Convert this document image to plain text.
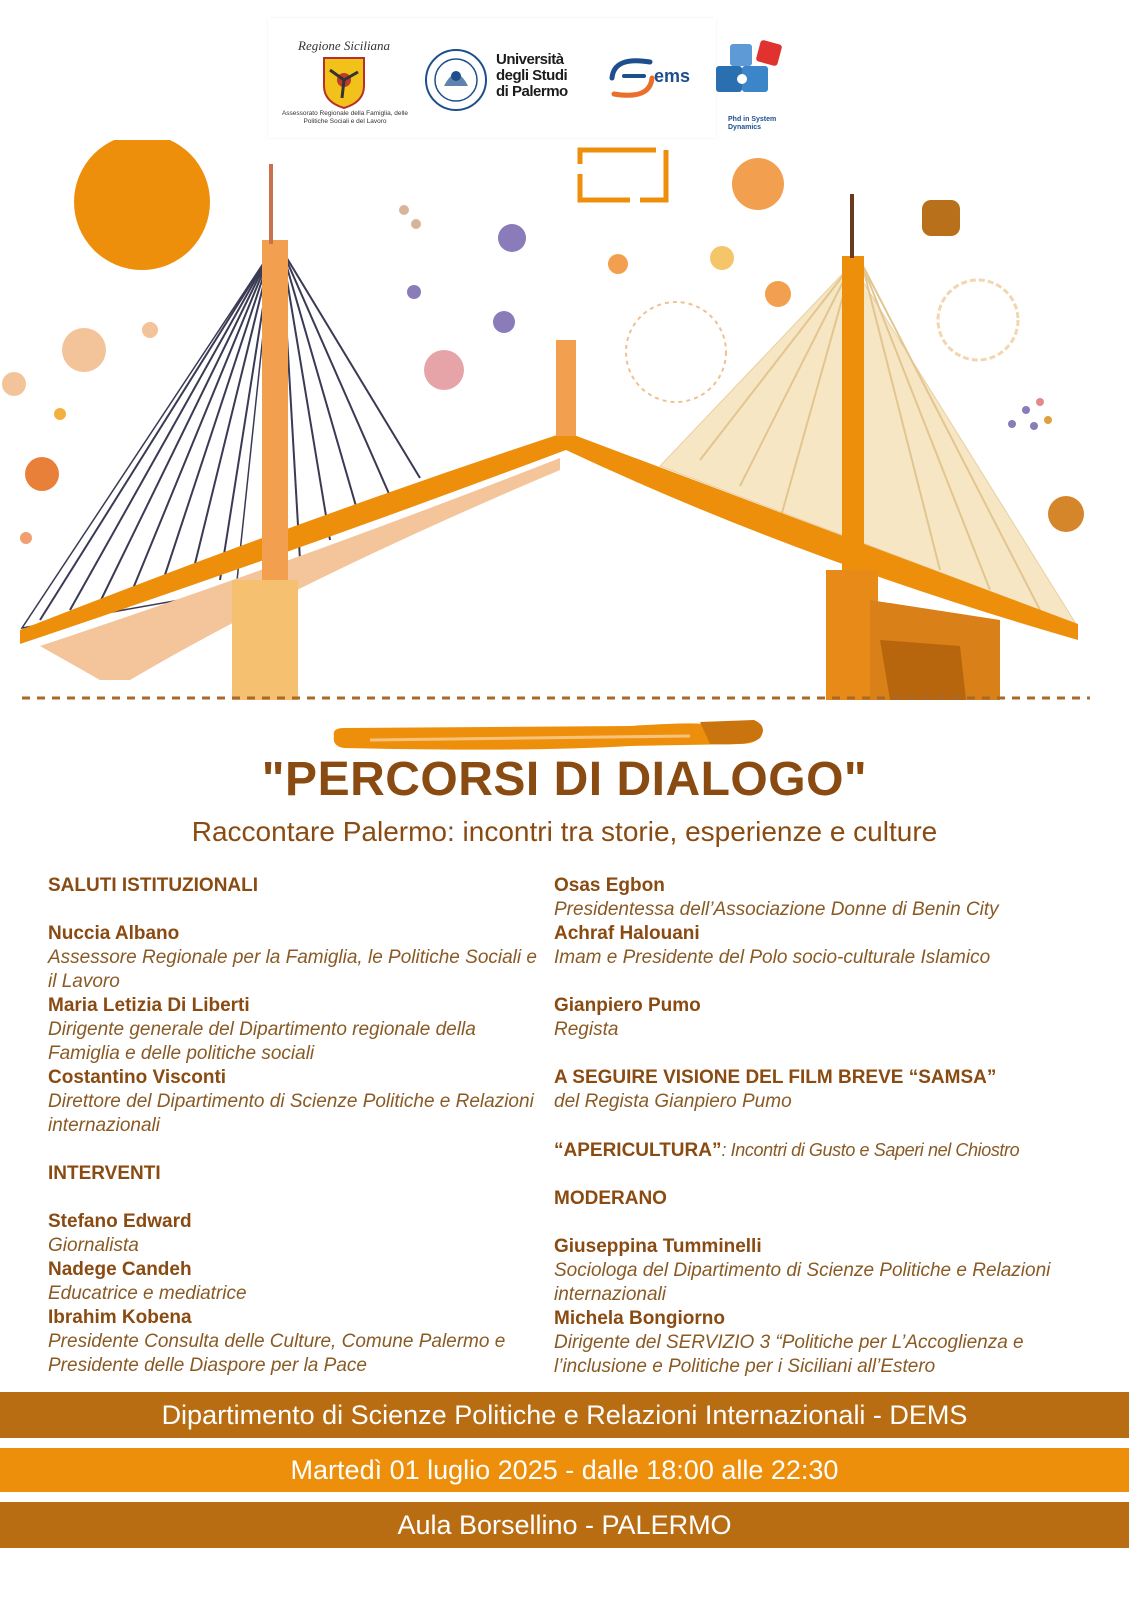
Regione Siciliana
Assessorato Regionale della Famiglia, delle Politiche Sociali e del Lavoro
Università
degli Studi
di Palermo
ems
Phd in System Dynamics
"PERCORSI DI DIALOGO"
Raccontare Palermo: incontri tra storie, esperienze e culture
SALUTI ISTITUZIONALI
Nuccia Albano
Assessore Regionale per la Famiglia, le Politiche Sociali e il Lavoro
Maria Letizia Di Liberti
Dirigente generale del Dipartimento regionale della Famiglia e delle politiche sociali
Costantino Visconti
Direttore del Dipartimento di Scienze Politiche e Relazioni internazionali
INTERVENTI
Stefano Edward
Giornalista
Nadege Candeh
Educatrice e mediatrice
Ibrahim Kobena
Presidente Consulta delle Culture, Comune Palermo e Presidente delle Diaspore per la Pace
Osas Egbon
Presidentessa dell’Associazione Donne di Benin City
Achraf Halouani
Imam e Presidente del Polo socio-culturale Islamico
Gianpiero Pumo
Regista
A SEGUIRE VISIONE DEL FILM BREVE “SAMSA”
del Regista Gianpiero Pumo
“APERICULTURA”: Incontri di Gusto e Saperi nel Chiostro
MODERANO
Giuseppina Tumminelli
Sociologa del Dipartimento di Scienze Politiche e Relazioni internazionali
Michela Bongiorno
Dirigente del SERVIZIO 3 “Politiche per L’Accoglienza e l’inclusione e Politiche per i Siciliani all’Estero
Dipartimento di Scienze Politiche e Relazioni Internazionali - DEMS
Martedì 01 luglio 2025 - dalle 18:00 alle 22:30
Aula Borsellino - PALERMO
